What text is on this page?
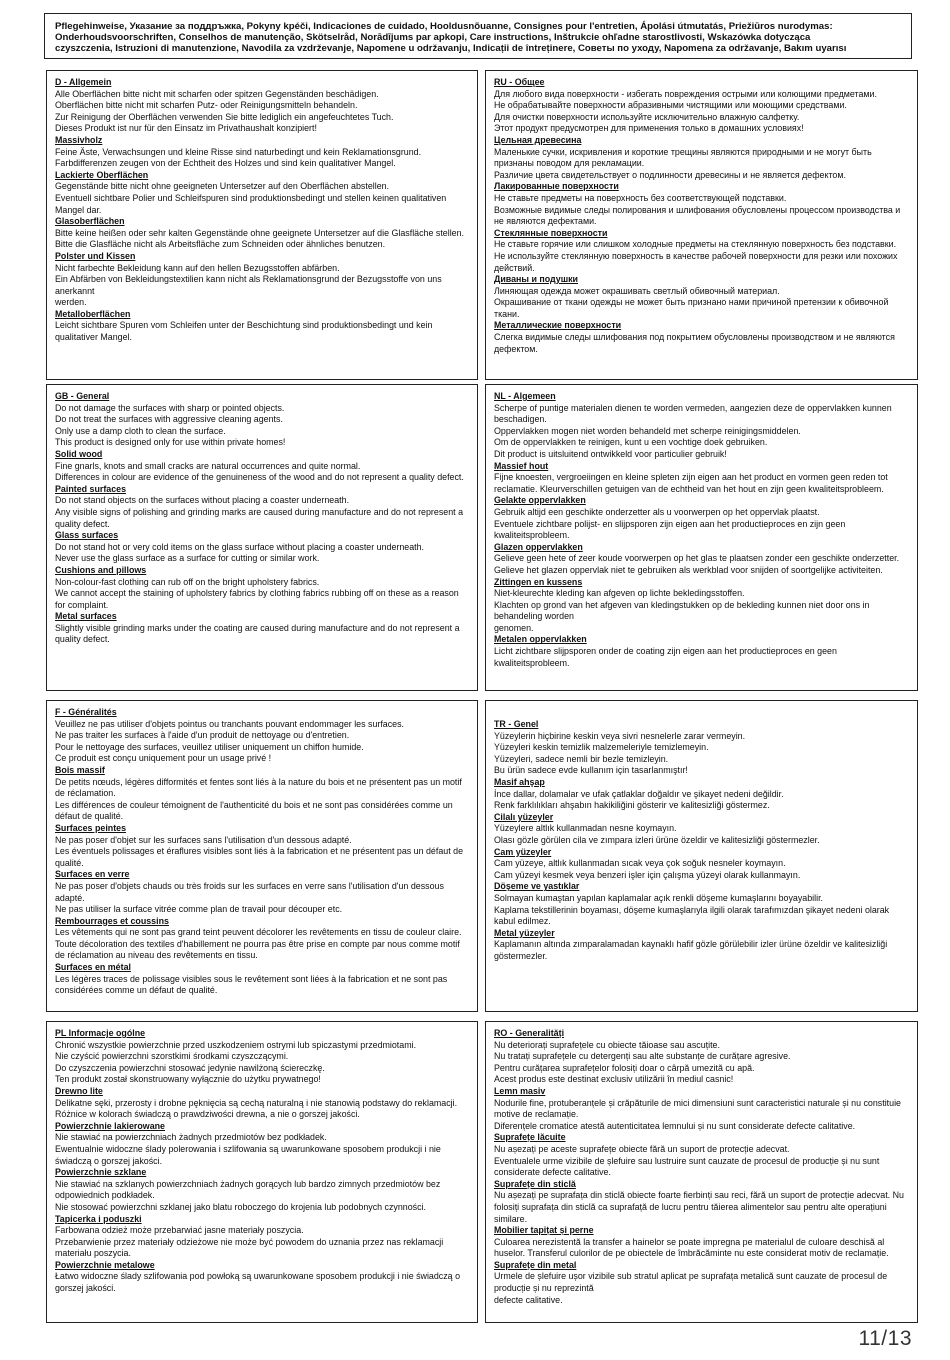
Pflegehinweise, Указание за поддръжка, Pokyny kpéči, Indicaciones de cuidado, Hooldusnõuanne, Consignes pour l'entretien, Ápolási útmutatás, Priežiūros nurodymas:
Onderhoudsvoorschriften, Conselhos de manutenção, Skötselråd, Norādījums par apkopi, Care instructions, Inštrukcie ohľadne starostlivosti, Wskazówka dotycząca
czyszczenia, Istruzioni di manutenzione, Navodila za vzdrževanje, Napomene u održavanju, Indicații de întreținere, Советы по уходу, Napomena za održavanje, Bakım uyarısı
D - Allgemein
Alle Oberflächen bitte nicht mit scharfen oder spitzen Gegenständen beschädigen.
Oberflächen bitte nicht mit scharfen Putz- oder Reinigungsmitteln behandeln.
Zur Reinigung der Oberflächen verwenden Sie bitte lediglich ein angefeuchtetes Tuch.
Dieses Produkt ist nur für den Einsatz im Privathaushalt konzipiert!
Massivholz
Feine Äste, Verwachsungen und kleine Risse sind naturbedingt und kein Reklamationsgrund.
Farbdifferenzen zeugen von der Echtheit des Holzes und sind kein qualitativer Mangel.
Lackierte Oberflächen
Gegenstände bitte nicht ohne geeigneten Untersetzer auf den Oberflächen abstellen.
Eventuell sichtbare Polier und Schleifspuren sind produktionsbedingt und stellen keinen qualitativen Mangel dar.
Glasoberflächen
Bitte keine heißen oder sehr kalten Gegenstände ohne geeignete Untersetzer auf die Glasfläche stellen.
Bitte die Glasfläche nicht als Arbeitsfläche zum Schneiden oder ähnliches benutzen.
Polster und Kissen
Nicht farbechte Bekleidung kann auf den hellen Bezugsstoffen abfärben.
Ein Abfärben von Bekleidungstextilien kann nicht als Reklamationsgrund der Bezugsstoffe von uns anerkannt
werden.
Metalloberflächen
Leicht sichtbare Spuren vom Schleifen unter der Beschichtung sind produktionsbedingt und kein qualitativer Mangel.
RU - Общее
Для любого вида поверхности - избегать повреждения острыми или колющими предметами.
Не обрабатывайте поверхности абразивными чистящими или моющими средствами.
Для очистки поверхности используйте исключительно влажную салфетку.
Этот продукт предусмотрен для применения только в домашних условиях!
Цельная древесина
Маленькие сучки, искривления и короткие трещины являются природными и не могут быть признаны поводом для рекламации.
Различие цвета свидетельствует о подлинности древесины и не является дефектом.
Лакированные поверхности
Не ставьте предметы на поверхность без соответствующей подставки.
Возможные видимые следы полирования и шлифования обусловлены процессом производства и не являются дефектами.
Стеклянные поверхности
Не ставьте горячие или слишком холодные предметы на стеклянную поверхность без подставки.
Не используйте стеклянную поверхность в качестве рабочей поверхности для резки или похожих действий.
Диваны и подушки
Линяющая одежда может окрашивать светлый обивочный материал.
Окрашивание от ткани одежды не может быть признано нами причиной претензии к обивочной ткани.
Металлические поверхности
Слегка видимые следы шлифования под покрытием обусловлены производством и не являются дефектом.
GB - General
Do not damage the surfaces with sharp or pointed objects.
Do not treat the surfaces with aggressive cleaning agents.
Only use a damp cloth to clean the surface.
This product is designed only for use within private homes!
Solid wood
Fine gnarls, knots and small cracks are natural occurrences and quite normal.
Differences in colour are evidence of the genuineness of the wood and do not represent a quality defect.
Painted surfaces
Do not stand objects on the surfaces without placing a coaster underneath.
Any visible signs of polishing and grinding marks are caused during manufacture and do not represent a quality defect.
Glass surfaces
Do not stand hot or very cold items on the glass surface without placing a coaster underneath.
Never use the glass surface as a surface for cutting or similar work.
Cushions and pillows
Non-colour-fast clothing can rub off on the bright upholstery fabrics.
We cannot accept the staining of upholstery fabrics by clothing fabrics rubbing off on these as a reason for complaint.
Metal surfaces
Slightly visible grinding marks under the coating are caused during manufacture and do not represent a quality defect.
NL - Algemeen
Scherpe of puntige materialen dienen te worden vermeden, aangezien deze de oppervlakken kunnen beschadigen.
Oppervlakken mogen niet worden behandeld met scherpe reinigingsmiddelen.
Om de oppervlakken te reinigen, kunt u een vochtige doek gebruiken.
Dit product is uitsluitend ontwikkeld voor particulier gebruik!
Massief hout
Fijne knoesten, vergroeiingen en kleine spleten zijn eigen aan het product en vormen geen reden tot reclamatie. Kleurverschillen getuigen van de echtheid van het hout en zijn geen kwaliteitsprobleem.
Gelakte oppervlakken
Gebruik altijd een geschikte onderzetter als u voorwerpen op het oppervlak plaatst.
Eventuele zichtbare polijst- en slijpsporen zijn eigen aan het productieproces en zijn geen kwaliteitsprobleem.
Glazen oppervlakken
Gelieve geen hete of zeer koude voorwerpen op het glas te plaatsen zonder een geschikte onderzetter. Gelieve het glazen oppervlak niet te gebruiken als werkblad voor snijden of soortgelijke activiteiten.
Zittingen en kussens
Niet-kleurechte kleding kan afgeven op lichte bekledingsstoffen.
Klachten op grond van het afgeven van kledingstukken op de bekleding kunnen niet door ons in behandeling worden
genomen.
Metalen oppervlakken
Licht zichtbare slijpsporen onder de coating zijn eigen aan het productieproces en geen kwaliteitsprobleem.
F - Généralités
Veuillez ne pas utiliser d'objets pointus ou tranchants pouvant endommager les surfaces.
Ne pas traiter les surfaces à l'aide d'un produit de nettoyage ou d'entretien.
Pour le nettoyage des surfaces, veuillez utiliser uniquement un chiffon humide.
Ce produit est conçu uniquement pour un usage privé !
Bois massif
De petits nœuds, légères difformités et fentes sont liés à la nature du bois et ne présentent pas un motif de réclamation.
Les différences de couleur témoignent de l'authenticité du bois et ne sont pas considérées comme un défaut de qualité.
Surfaces peintes
Ne pas poser d'objet sur les surfaces sans l'utilisation d'un dessous adapté.
Les éventuels polissages et éraflures visibles sont liés à la fabrication et ne présentent pas un défaut de qualité.
Surfaces en verre
Ne pas poser d'objets chauds ou très froids sur les surfaces en verre sans l'utilisation d'un dessous adapté.
Ne pas utiliser la surface vitrée comme plan de travail pour découper etc.
Rembourrages et coussins
Les vêtements qui ne sont pas grand teint peuvent décolorer les revêtements en tissu de couleur claire.
Toute décoloration des textiles d'habillement ne pourra pas être prise en compte par nous comme motif de réclamation au niveau des revêtements en tissu.
Surfaces en métal
Les légères traces de polissage visibles sous le revêtement sont liées à la fabrication et ne sont pas considérées comme un défaut de qualité.
TR - Genel
Yüzeylerin hiçbirine keskin veya sivri nesnelerle zarar vermeyin.
Yüzeyleri keskin temizlik malzemeleriyle temizlemeyin.
Yüzeyleri, sadece nemli bir bezle temizleyin.
Bu ürün sadece evde kullanım için tasarlanmıştır!
Masif ahşap
İnce dallar, dolamalar ve ufak çatlaklar doğaldır ve şikayet nedeni değildir.
Renk farklılıkları ahşabın hakikiliğini gösterir ve kalitesizliği göstermez.
Cilalı yüzeyler
Yüzeylere altlık kullanmadan nesne koymayın.
Olası gözle görülen cila ve zımpara izleri ürüne özeldir ve kalitesizliği göstermezler.
Cam yüzeyler
Cam yüzeye, altlık kullanmadan sıcak veya çok soğuk nesneler koymayın.
Cam yüzeyi kesmek veya benzeri işler için çalışma yüzeyi olarak kullanmayın.
Döşeme ve yastıklar
Solmayan kumaştan yapılan kaplamalar açık renkli döşeme kumaşlarını boyayabilir.
Kaplama tekstillerinin boyaması, döşeme kumaşlarıyla ilgili olarak tarafımızdan şikayet nedeni olarak kabul edilmez.
Metal yüzeyler
Kaplamanın altında zımparalamadan kaynaklı hafif gözle görülebilir izler ürüne özeldir ve kalitesizliği göstermezler.
PL Informacje ogólne
Chronić wszystkie powierzchnie przed uszkodzeniem ostrymi lub spiczastymi przedmiotami.
Nie czyścić powierzchni szorstkimi środkami czyszczącymi.
Do czyszczenia powierzchni stosować jedynie nawilżoną ściereczkę.
Ten produkt został skonstruowany wyłącznie do użytku prywatnego!
Drewno lite
Delikatne sęki, przerosty i drobne pęknięcia są cechą naturalną i nie stanowią podstawy do reklamacji.
Różnice w kolorach świadczą o prawdziwości drewna, a nie o gorszej jakości.
Powierzchnie lakierowane
Nie stawiać na powierzchniach żadnych przedmiotów bez podkładek.
Ewentualnie widoczne ślady polerowania i szlifowania są uwarunkowane sposobem produkcji i nie świadczą o gorszej jakości.
Powierzchnie szklane
Nie stawiać na szklanych powierzchniach żadnych gorących lub bardzo zimnych przedmiotów bez odpowiednich podkładek.
Nie stosować powierzchni szklanej jako blatu roboczego do krojenia lub podobnych czynności.
Tapicerka i poduszki
Farbowana odzież może przebarwiać jasne materiały poszycia.
Przebarwienie przez materiały odzieżowe nie może być powodem do uznania przez nas reklamacji materiału poszycia.
Powierzchnie metalowe
Łatwo widoczne ślady szlifowania pod powłoką są uwarunkowane sposobem produkcji i nie świadczą o gorszej jakości.
RO - Generalități
Nu deteriorați suprafețele cu obiecte tăioase sau ascuțite.
Nu tratați suprafețele cu detergenți sau alte substanțe de curățare agresive.
Pentru curățarea suprafețelor folosiți doar o cârpă umezită cu apă.
Acest produs este destinat exclusiv utilizării în mediul casnic!
Lemn masiv
Nodurile fine, protuberanțele și crăpăturile de mici dimensiuni sunt caracteristici naturale și nu constituie motive de reclamație.
Diferențele cromatice atestă autenticitatea lemnului și nu sunt considerate defecte calitative.
Suprafețe lăcuite
Nu așezați pe aceste suprafețe obiecte fără un suport de protecție adecvat.
Eventualele urme vizibile de șlefuire sau lustruire sunt cauzate de procesul de producție și nu sunt considerate defecte calitative.
Suprafețe din sticlă
Nu așezați pe suprafața din sticlă obiecte foarte fierbinți sau reci, fără un suport de protecție adecvat. Nu folosiți suprafața din sticlă ca suprafață de lucru pentru tăierea alimentelor sau pentru alte operațiuni similare.
Mobilier tapițat și perne
Culoarea nerezistentă la transfer a hainelor se poate impregna pe materialul de culoare deschisă al huselor. Transferul culorilor de pe obiectele de îmbrăcăminte nu este considerat motiv de reclamație.
Suprafețe din metal
Urmele de șlefuire ușor vizibile sub stratul aplicat pe suprafața metalică sunt cauzate de procesul de producție și nu reprezintă
defecte calitative.
11/13
